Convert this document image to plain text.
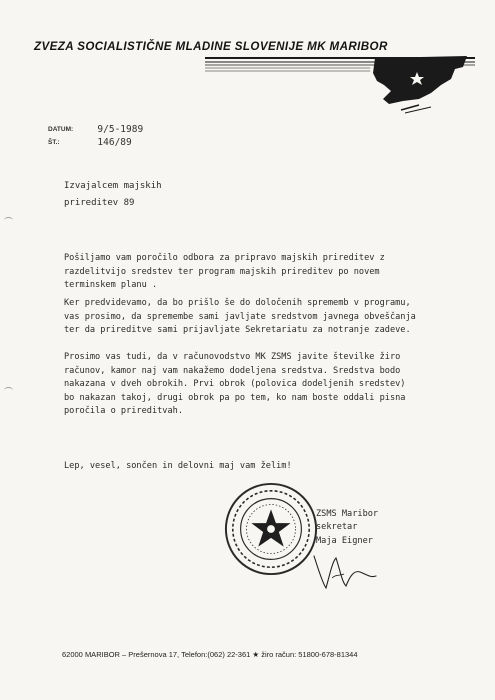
ZVEZA SOCIALISTIČNE MLADINE SLOVENIJE MK MARIBOR
DATUM:	9/5-1989
ŠT.:	146/89
Izvajalcem majskih
prireditev 89

Pošiljamo vam poročilo odbora za pripravo majskih prireditev z
razdelitvijo sredstev ter program majskih prireditev po novem
terminskem planu .

Ker predvidevamo, da bo prišlo še do določenih sprememb v programu,
vas prosimo, da spremembe sami javljate sredstvom javnega obveščanja
ter da prireditve sami prijavljate Sekretariatu za notranje zadeve.

Prosimo vas tudi, da v računovodstvo MK ZSMS javite številke žiro
računov, kamor naj vam nakažemo dodeljena sredstva. Sredstva bodo
nakazana v dveh obrokih. Prvi obrok (polovica dodeljenih sredstev)
bo nakazan takoj, drugi obrok pa po tem, ko nam boste oddali pisna
poročila o prireditvah.

Lep, vesel, sončen in delovni maj vam želim!

ZSMS Maribor
sekretar
Maja Eigner
62000 MARIBOR – Prešernova 17, Telefon:(062) 22-361 ★ žiro račun: 51800-678-81344
